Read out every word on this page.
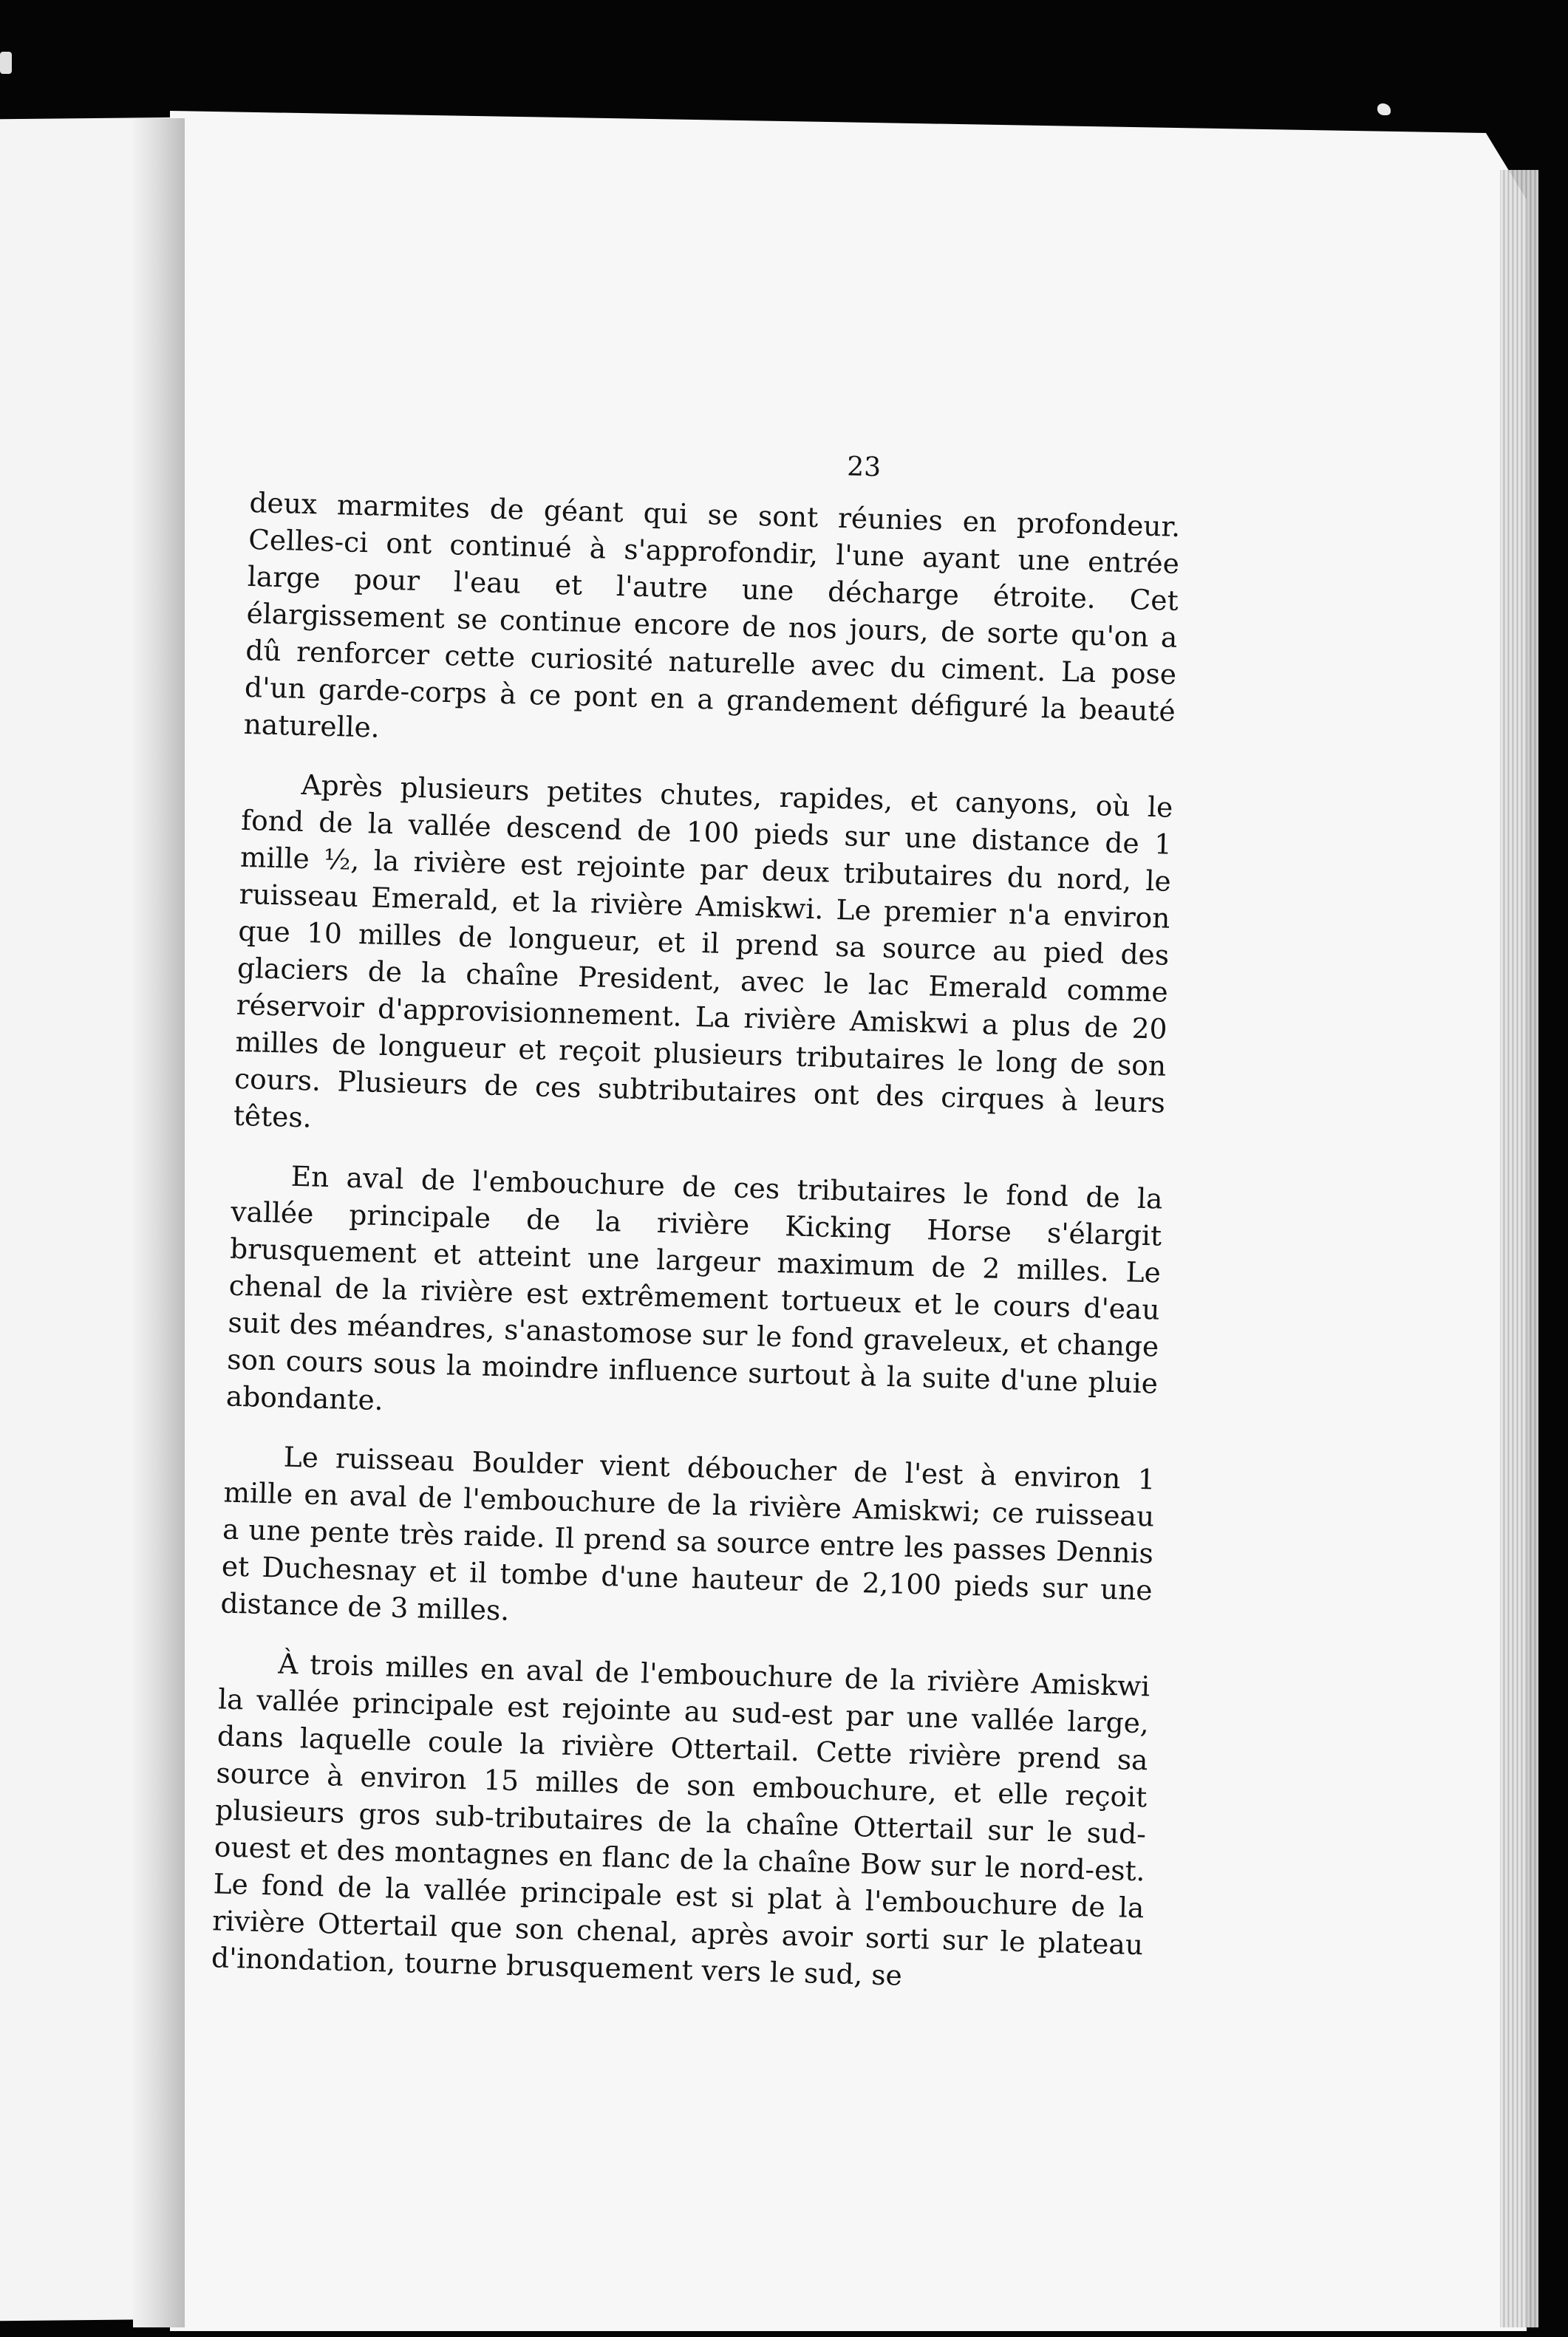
23

deux marmites de géant qui se sont réunies en profondeur. Celles-ci ont continué à s'approfondir, l'une ayant une entrée large pour l'eau et l'autre une décharge étroite. Cet élargissement se continue encore de nos jours, de sorte qu'on a dû renforcer cette curiosité naturelle avec du ciment. La pose d'un garde-corps à ce pont en a grandement défiguré la beauté naturelle.

Après plusieurs petites chutes, rapides, et canyons, où le fond de la vallée descend de 100 pieds sur une distance de 1 mille ½, la rivière est rejointe par deux tributaires du nord, le ruisseau Emerald, et la rivière Amiskwi. Le premier n'a environ que 10 milles de longueur, et il prend sa source au pied des glaciers de la chaîne President, avec le lac Emerald comme réservoir d'approvisionnement. La rivière Amiskwi a plus de 20 milles de longueur et reçoit plusieurs tributaires le long de son cours. Plusieurs de ces subtributaires ont des cirques à leurs têtes.

En aval de l'embouchure de ces tributaires le fond de la vallée principale de la rivière Kicking Horse s'élargit brusquement et atteint une largeur maximum de 2 milles. Le chenal de la rivière est extrêmement tortueux et le cours d'eau suit des méandres, s'anastomose sur le fond graveleux, et change son cours sous la moindre influence surtout à la suite d'une pluie abondante.

Le ruisseau Boulder vient déboucher de l'est à environ 1 mille en aval de l'embouchure de la rivière Amiskwi; ce ruisseau a une pente très raide. Il prend sa source entre les passes Dennis et Duchesnay et il tombe d'une hauteur de 2,100 pieds sur une distance de 3 milles.

À trois milles en aval de l'embouchure de la rivière Amiskwi la vallée principale est rejointe au sud-est par une vallée large, dans laquelle coule la rivière Ottertail. Cette rivière prend sa source à environ 15 milles de son embouchure, et elle reçoit plusieurs gros sub-tributaires de la chaîne Ottertail sur le sud-ouest et des montagnes en flanc de la chaîne Bow sur le nord-est. Le fond de la vallée principale est si plat à l'embouchure de la rivière Ottertail que son chenal, après avoir sorti sur le plateau d'inondation, tourne brusquement vers le sud, se
